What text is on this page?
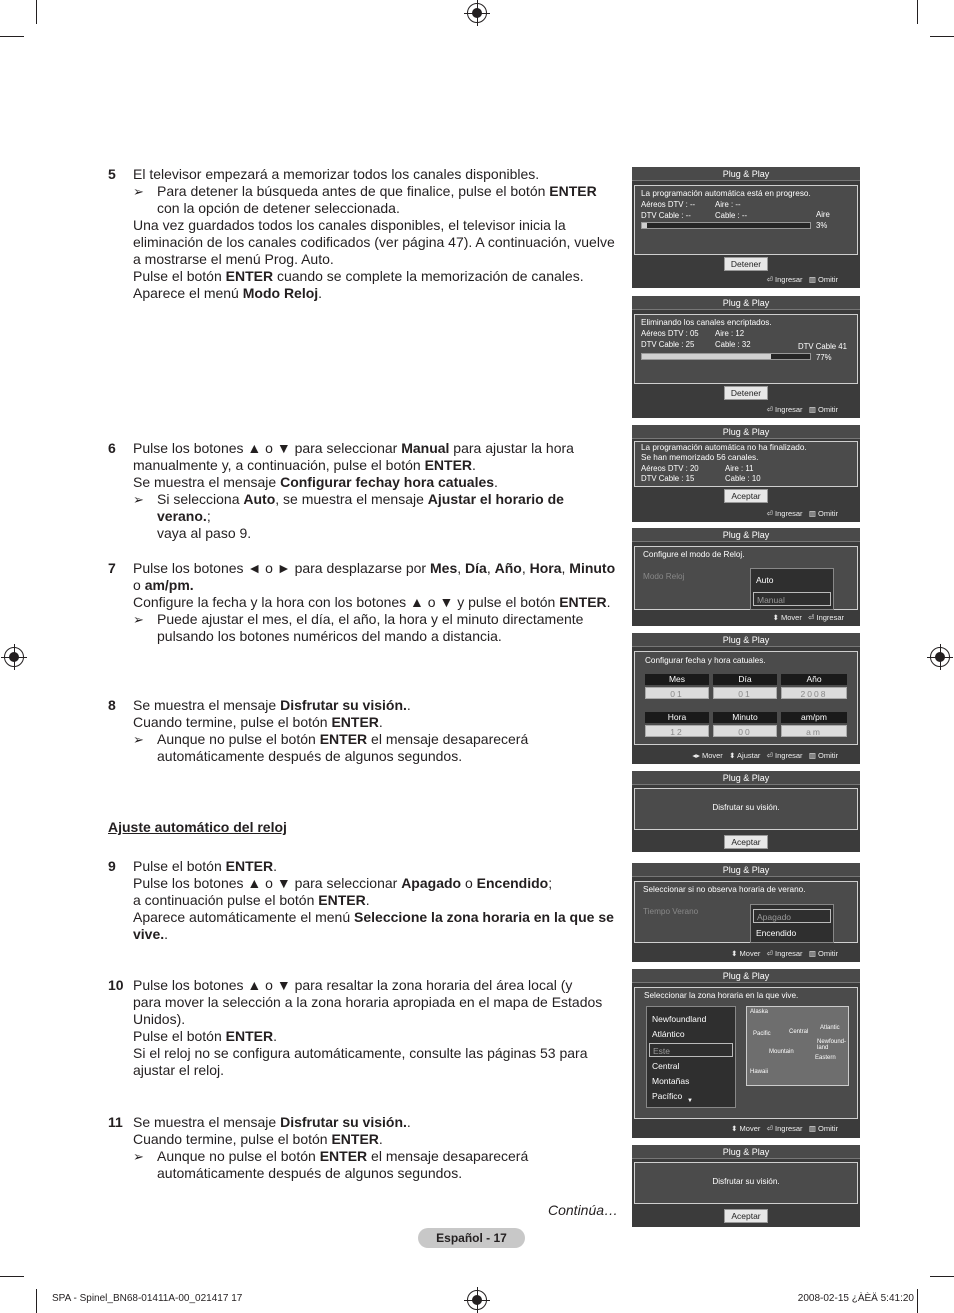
5 El televisor empezará a memorizar todos los canales disponibles.
➢ Para detener la búsqueda antes de que finalice, pulse el botón ENTER
con la opción de detener seleccionada.
Una vez guardados todos los canales disponibles, el televisor inicia la
eliminación de los canales codificados (ver página 47). A continuación, vuelve
a mostrarse el menú Prog. Auto.
Pulse el botón ENTER cuando se complete la memorización de canales.
Aparece el menú Modo Reloj.
6 Pulse los botones ▲ o ▼ para seleccionar Manual para ajustar la hora
manualmente y, a continuación, pulse el botón ENTER.
Se muestra el mensaje Configurar fechay hora catuales.
➢ Si selecciona Auto, se muestra el mensaje Ajustar el horario de verano.;
vaya al paso 9.
7 Pulse los botones ◄ o ► para desplazarse por Mes, Día, Año, Hora, Minuto
o am/pm.
Configure la fecha y la hora con los botones ▲ o ▼ y pulse el botón ENTER.
➢ Puede ajustar el mes, el día, el año, la hora y el minuto directamente
pulsando los botones numéricos del mando a distancia.
8 Se muestra el mensaje Disfrutar su visión..
Cuando termine, pulse el botón ENTER.
➢ Aunque no pulse el botón ENTER el mensaje desaparecerá
automáticamente después de algunos segundos.
Ajuste automático del reloj
9 Pulse el botón ENTER.
Pulse los botones ▲ o ▼ para seleccionar Apagado o Encendido;
a continuación pulse el botón ENTER.
Aparece automáticamente el menú Seleccione la zona horaria en la que se
vive..
10 Pulse los botones ▲ o ▼ para resaltar la zona horaria del área local (y
para mover la selección a la zona horaria apropiada en el mapa de Estados
Unidos).
Pulse el botón ENTER.
Si el reloj no se configura automáticamente, consulte las páginas 53 para
ajustar el reloj.
11 Se muestra el mensaje Disfrutar su visión..
Cuando termine, pulse el botón ENTER.
➢ Aunque no pulse el botón ENTER el mensaje desaparecerá
automáticamente después de algunos segundos.
Continúa…
Español - 17
SPA - Spinel_BN68-01411A-00_021417 17	2008-02-15 ¿ÀÈÄ 5:41:20
Plug & Play
La programación automática está en progreso.
Aéreos DTV : --	Aire : --
DTV Cable : --	Cable : --	Aire
3%
Detener
⏎ Ingresar ▥ Omitir
Plug & Play
Eliminando los canales encriptados.
Aéreos DTV : 05 Aire : 12
DTV Cable : 25	Cable : 32	DTV Cable 41
77%
Detener
⏎ Ingresar ▥ Omitir
Plug & Play
La programación automática no ha finalizado.
Se han memorizado 56 canales.
Aéreos DTV : 20	Aire : 11
DTV Cable : 15	Cable : 10
Aceptar
⏎ Ingresar ▥ Omitir
Plug & Play
Configure el modo de Reloj.
Modo Reloj	Auto
Manual
⬍ Mover ⏎ Ingresar
Plug & Play
Configurar fecha y hora catuales.
Mes	Día	Año
01	01	2008
Hora	Minuto	am/pm
12	00	am
◂▸ Mover ⬍ Ajustar ⏎ Ingresar ▥ Omitir
Plug & Play
Disfrutar su visión.
Aceptar
Plug & Play
Seleccionar si no observa horaria de verano.
Tiempo Verano
Apagado
Encendido
⬍ Mover ⏎ Ingresar ▥ Omitir
Plug & Play
Seleccionar la zona horaria en la que vive.
Newfoundland
Atlántico
Este
Central
Montañas
Pacífico ▼
Alaska
Pacific	Central
Atlantic
Newfound-land
Mountain
Eastern
Hawaii
⬍ Mover ⏎ Ingresar ▥ Omitir
Plug & Play
Disfrutar su visión.
Aceptar
